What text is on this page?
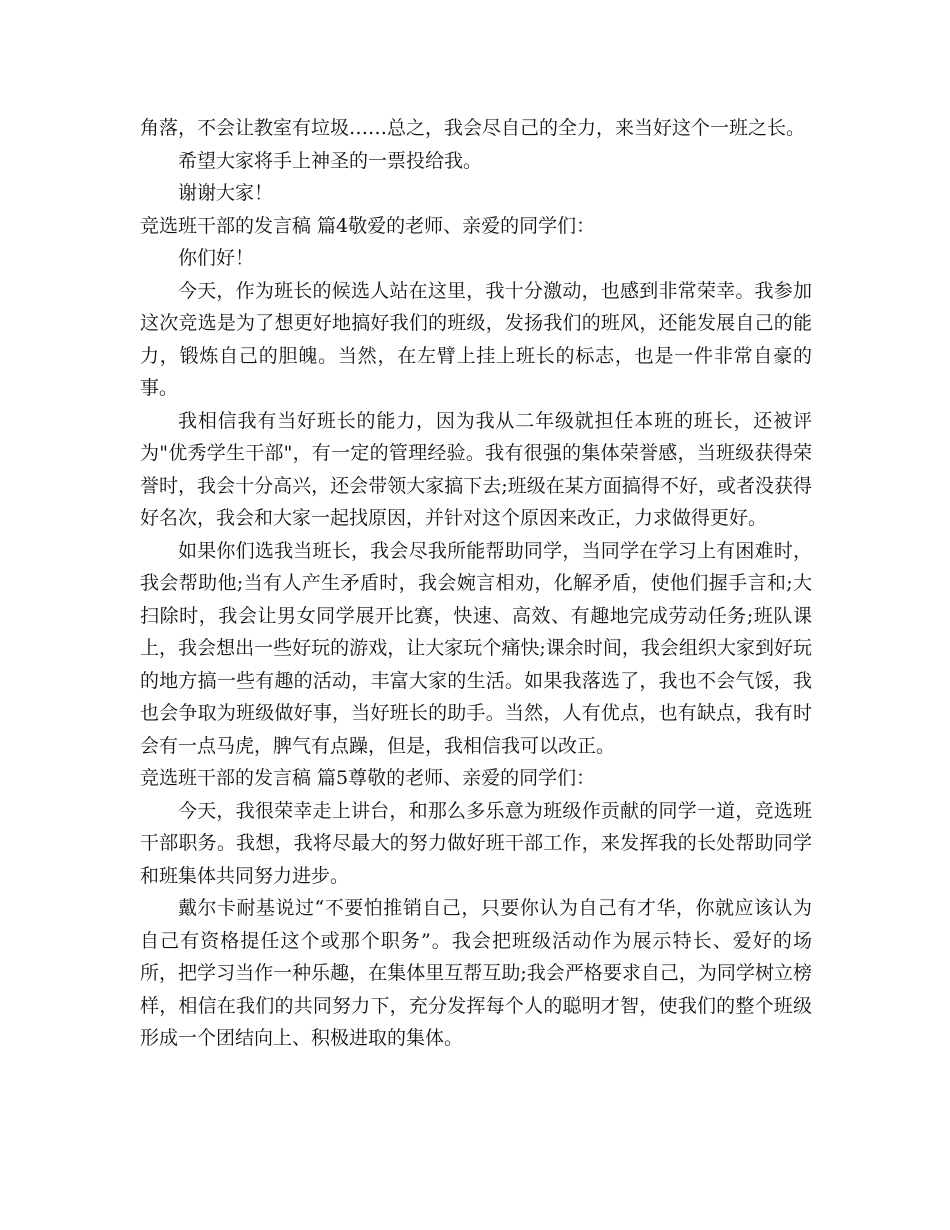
角落，不会让教室有垃圾……总之，我会尽自己的全力，来当好这个一班之长。

希望大家将手上神圣的一票投给我。

谢谢大家！

竞选班干部的发言稿 篇4敬爱的老师、亲爱的同学们：

你们好！

今天，作为班长的候选人站在这里，我十分激动，也感到非常荣幸。我参加这次竞选是为了想更好地搞好我们的班级，发扬我们的班风，还能发展自己的能力，锻炼自己的胆魄。当然，在左臂上挂上班长的标志，也是一件非常自豪的事。

我相信我有当好班长的能力，因为我从二年级就担任本班的班长，还被评为"优秀学生干部"，有一定的管理经验。我有很强的集体荣誉感，当班级获得荣誉时，我会十分高兴，还会带领大家搞下去;班级在某方面搞得不好，或者没获得好名次，我会和大家一起找原因，并针对这个原因来改正，力求做得更好。

如果你们选我当班长，我会尽我所能帮助同学，当同学在学习上有困难时，我会帮助他;当有人产生矛盾时，我会婉言相劝，化解矛盾，使他们握手言和;大扫除时，我会让男女同学展开比赛，快速、高效、有趣地完成劳动任务;班队课上，我会想出一些好玩的游戏，让大家玩个痛快;课余时间，我会组织大家到好玩的地方搞一些有趣的活动，丰富大家的生活。如果我落选了，我也不会气馁，我也会争取为班级做好事，当好班长的助手。当然，人有优点，也有缺点，我有时会有一点马虎，脾气有点躁，但是，我相信我可以改正。

竞选班干部的发言稿 篇5尊敬的老师、亲爱的同学们：

今天，我很荣幸走上讲台，和那么多乐意为班级作贡献的同学一道，竞选班干部职务。我想，我将尽最大的努力做好班干部工作，来发挥我的长处帮助同学和班集体共同努力进步。

戴尔卡耐基说过“不要怕推销自己，只要你认为自己有才华，你就应该认为自己有资格提任这个或那个职务”。我会把班级活动作为展示特长、爱好的场所，把学习当作一种乐趣，在集体里互帮互助;我会严格要求自己，为同学树立榜样，相信在我们的共同努力下，充分发挥每个人的聪明才智，使我们的整个班级形成一个团结向上、积极进取的集体。
